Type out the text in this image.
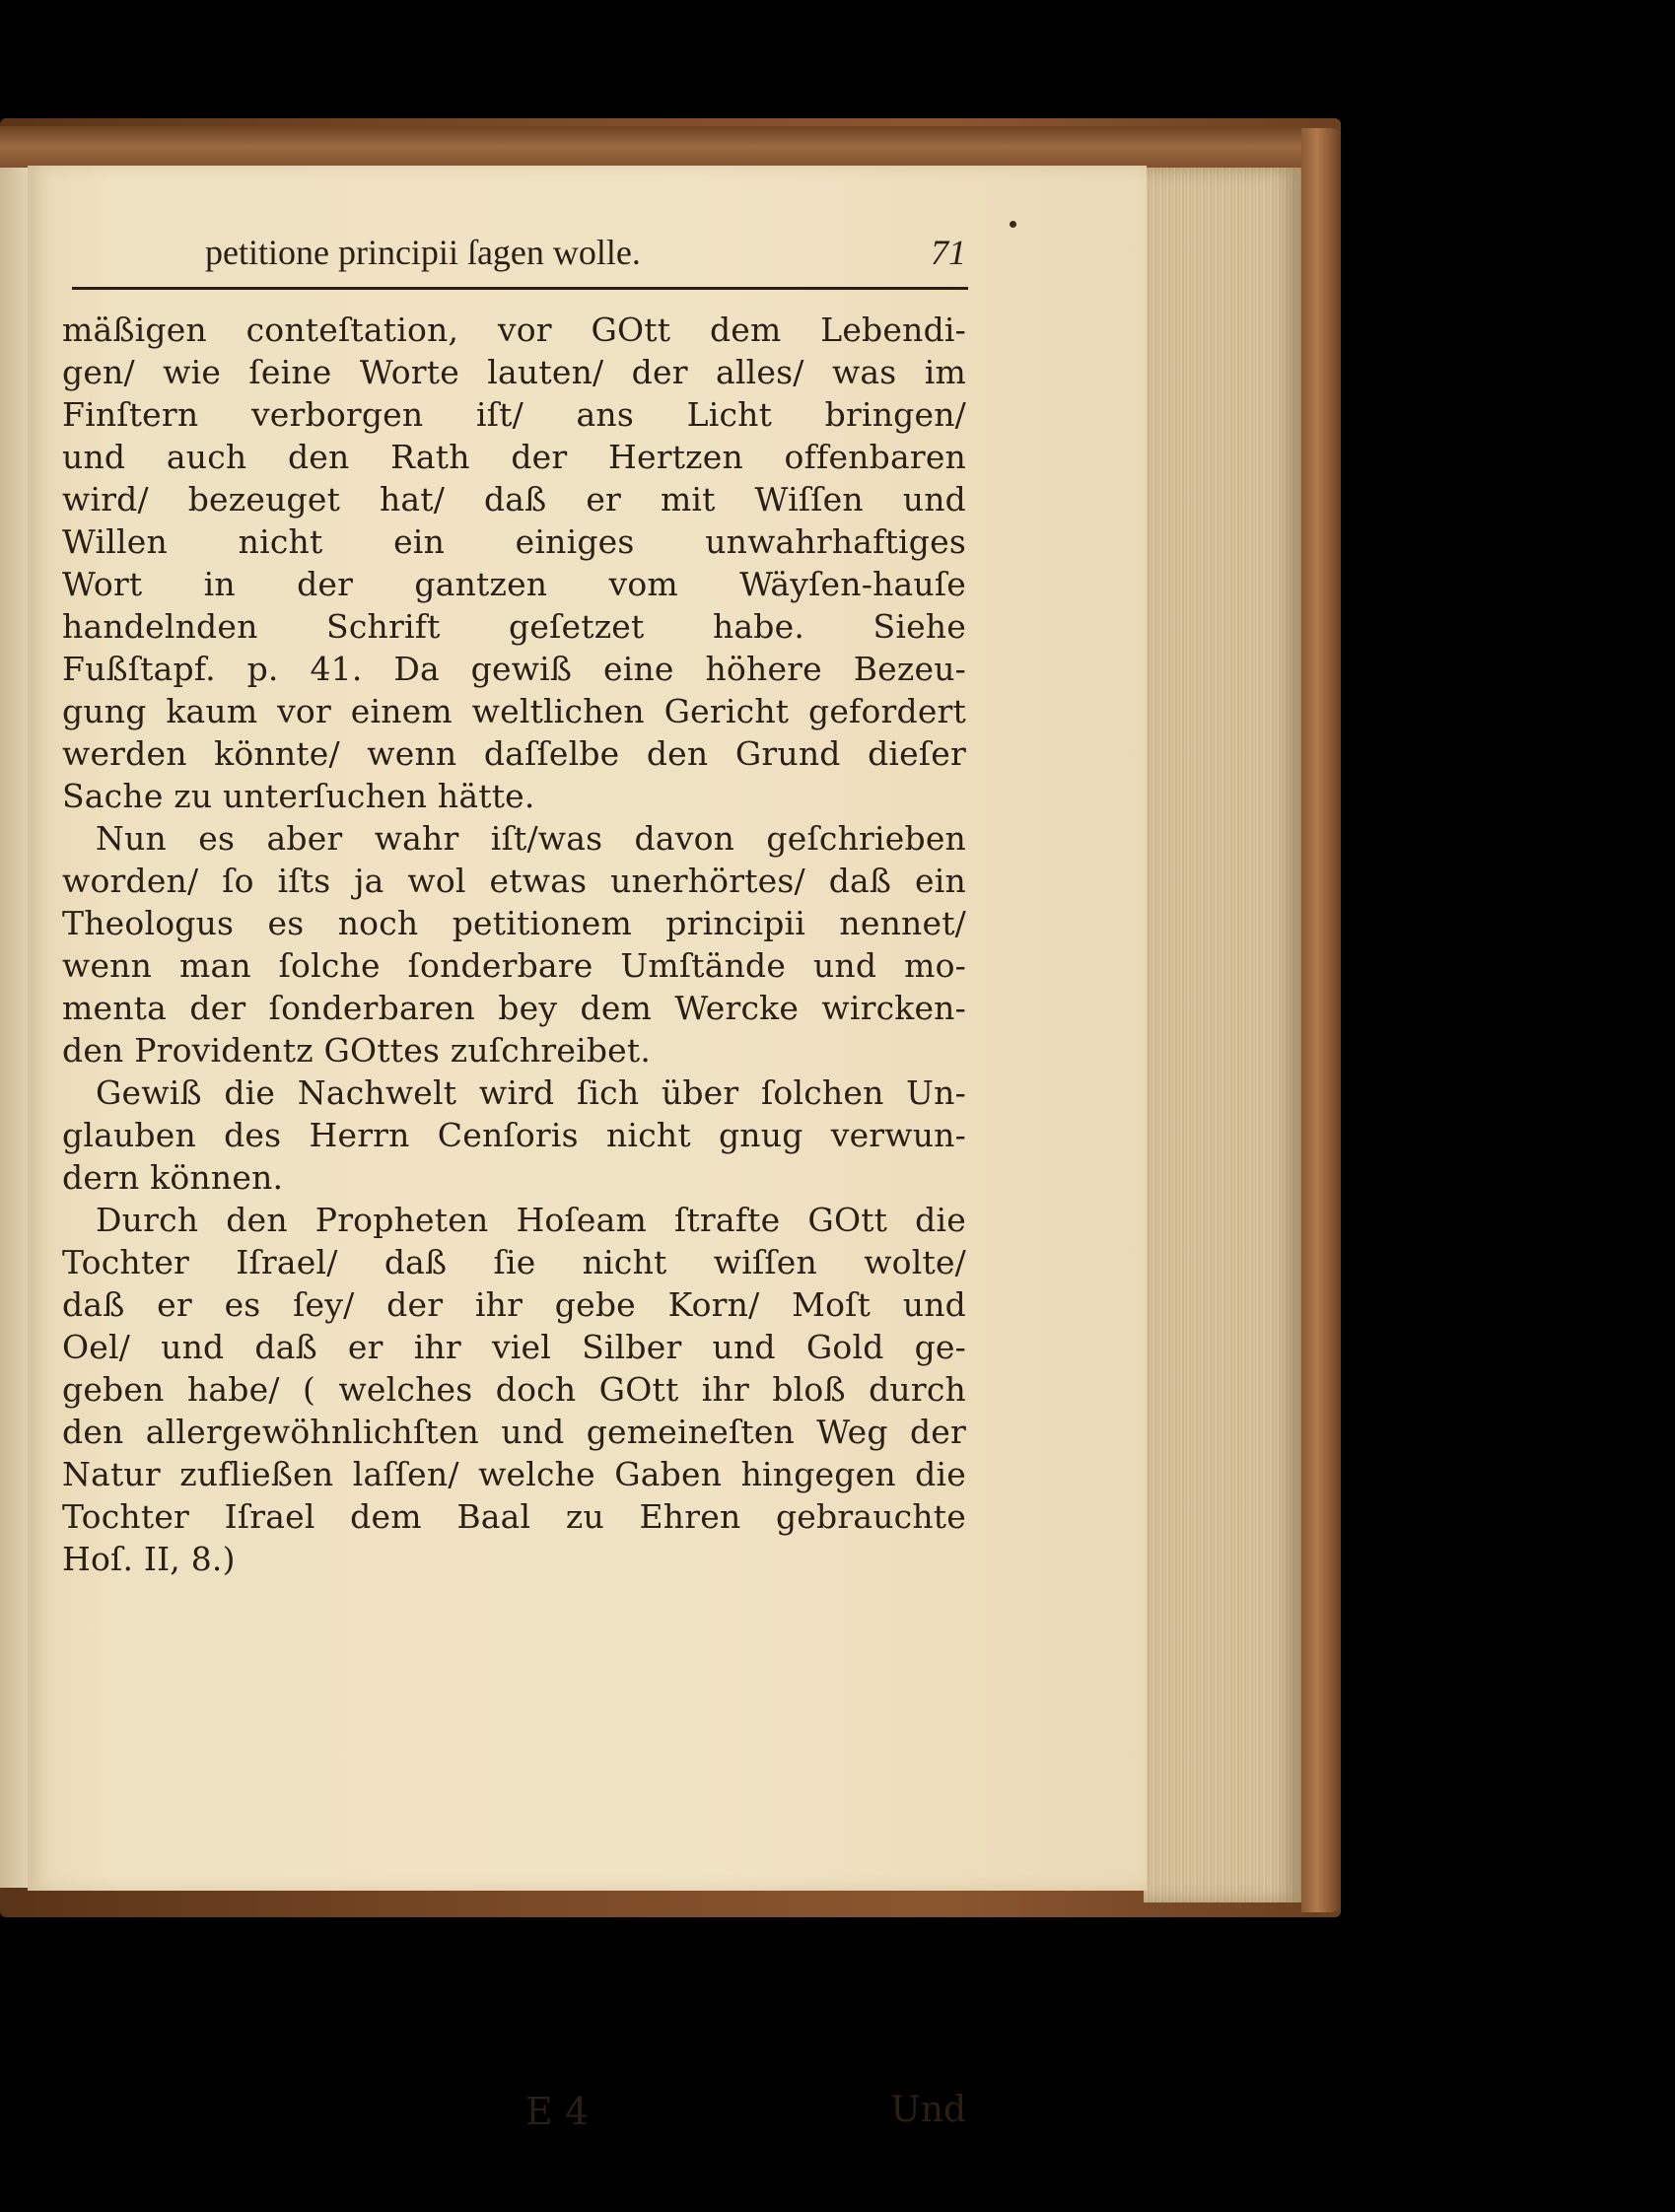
petitione principii ſagen wolle.	71
mäßigen conteſtation, vor GOtt dem Lebendi-
gen/ wie ſeine Worte lauten/ der alles/ was im
Finſtern verborgen iſt/ ans Licht bringen/
und auch den Rath der Hertzen offenbaren
wird/ bezeuget hat/ daß er mit Wiſſen und
Willen nicht ein einiges unwahrhaftiges
Wort in der gantzen vom Wäyſen-hauſe
handelnden Schrift geſetzet habe. Siehe
Fußſtapf. p. 41. Da gewiß eine höhere Bezeu-
gung kaum vor einem weltlichen Gericht gefordert
werden könnte/ wenn daſſelbe den Grund dieſer
Sache zu unterſuchen hätte.
Nun es aber wahr iſt/was davon geſchrieben
worden/ ſo iſts ja wol etwas unerhörtes/ daß ein
Theologus es noch petitionem principii nennet/
wenn man ſolche ſonderbare Umſtände und mo-
menta der ſonderbaren bey dem Wercke wircken-
den Providentz GOttes zuſchreibet.
Gewiß die Nachwelt wird ſich über ſolchen Un-
glauben des Herrn Cenſoris nicht gnug verwun-
dern können.
Durch den Propheten Hoſeam ſtrafte GOtt die
Tochter Iſrael/ daß ſie nicht wiſſen wolte/
daß er es ſey/ der ihr gebe Korn/ Moſt und
Oel/ und daß er ihr viel Silber und Gold ge-
geben habe/ ( welches doch GOtt ihr bloß durch
den allergewöhnlichſten und gemeineſten Weg der
Natur zufließen laſſen/ welche Gaben hingegen die
Tochter Iſrael dem Baal zu Ehren gebrauchte
Hoſ. II, 8.)
E 4	Und
